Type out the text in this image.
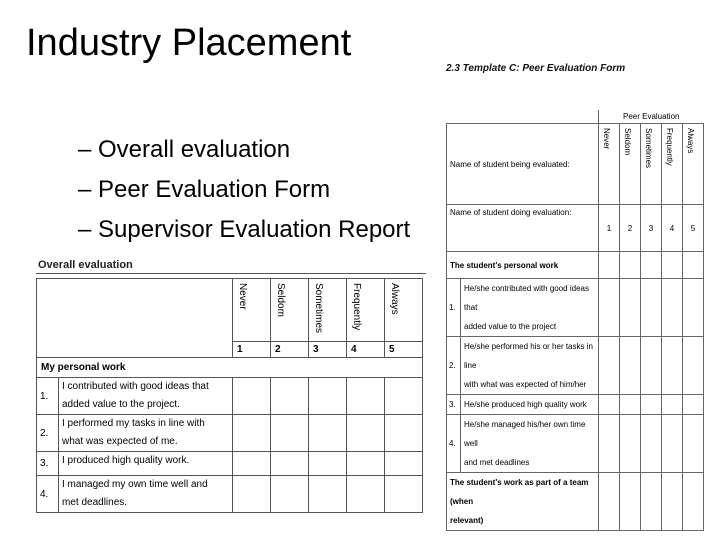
Industry Placement
– Overall evaluation
– Peer Evaluation Form
– Supervisor Evaluation Report
Overall evaluation

		Never	Seldom	Sometimes	Frequently	Always

		1	2	3	4	5
My personal work						
1.	I contributed with good ideas that
added value to the project.					

2.	I performed my tasks in line with
what was expected of me.					

3.	I produced high quality work.					

4.	I managed my own time well and
met deadlines.					

2.3 Template C: Peer Evaluation Form
		Peer Evaluation				
Name of student being evaluated:		Never	Seldom	Sometimes	Frequently	Always

Name of student doing evaluation:		1	2	3	4	5
The student's personal work						
1.	He/she contributed with good ideas that
added value to the project					

2.	He/she performed his or her tasks in line
with what was expected of him/her					

3.	He/she produced high quality work					

4.	He/she managed his/her own time well
and met deadlines					

The student's work as part of a team (when
relevant)						
